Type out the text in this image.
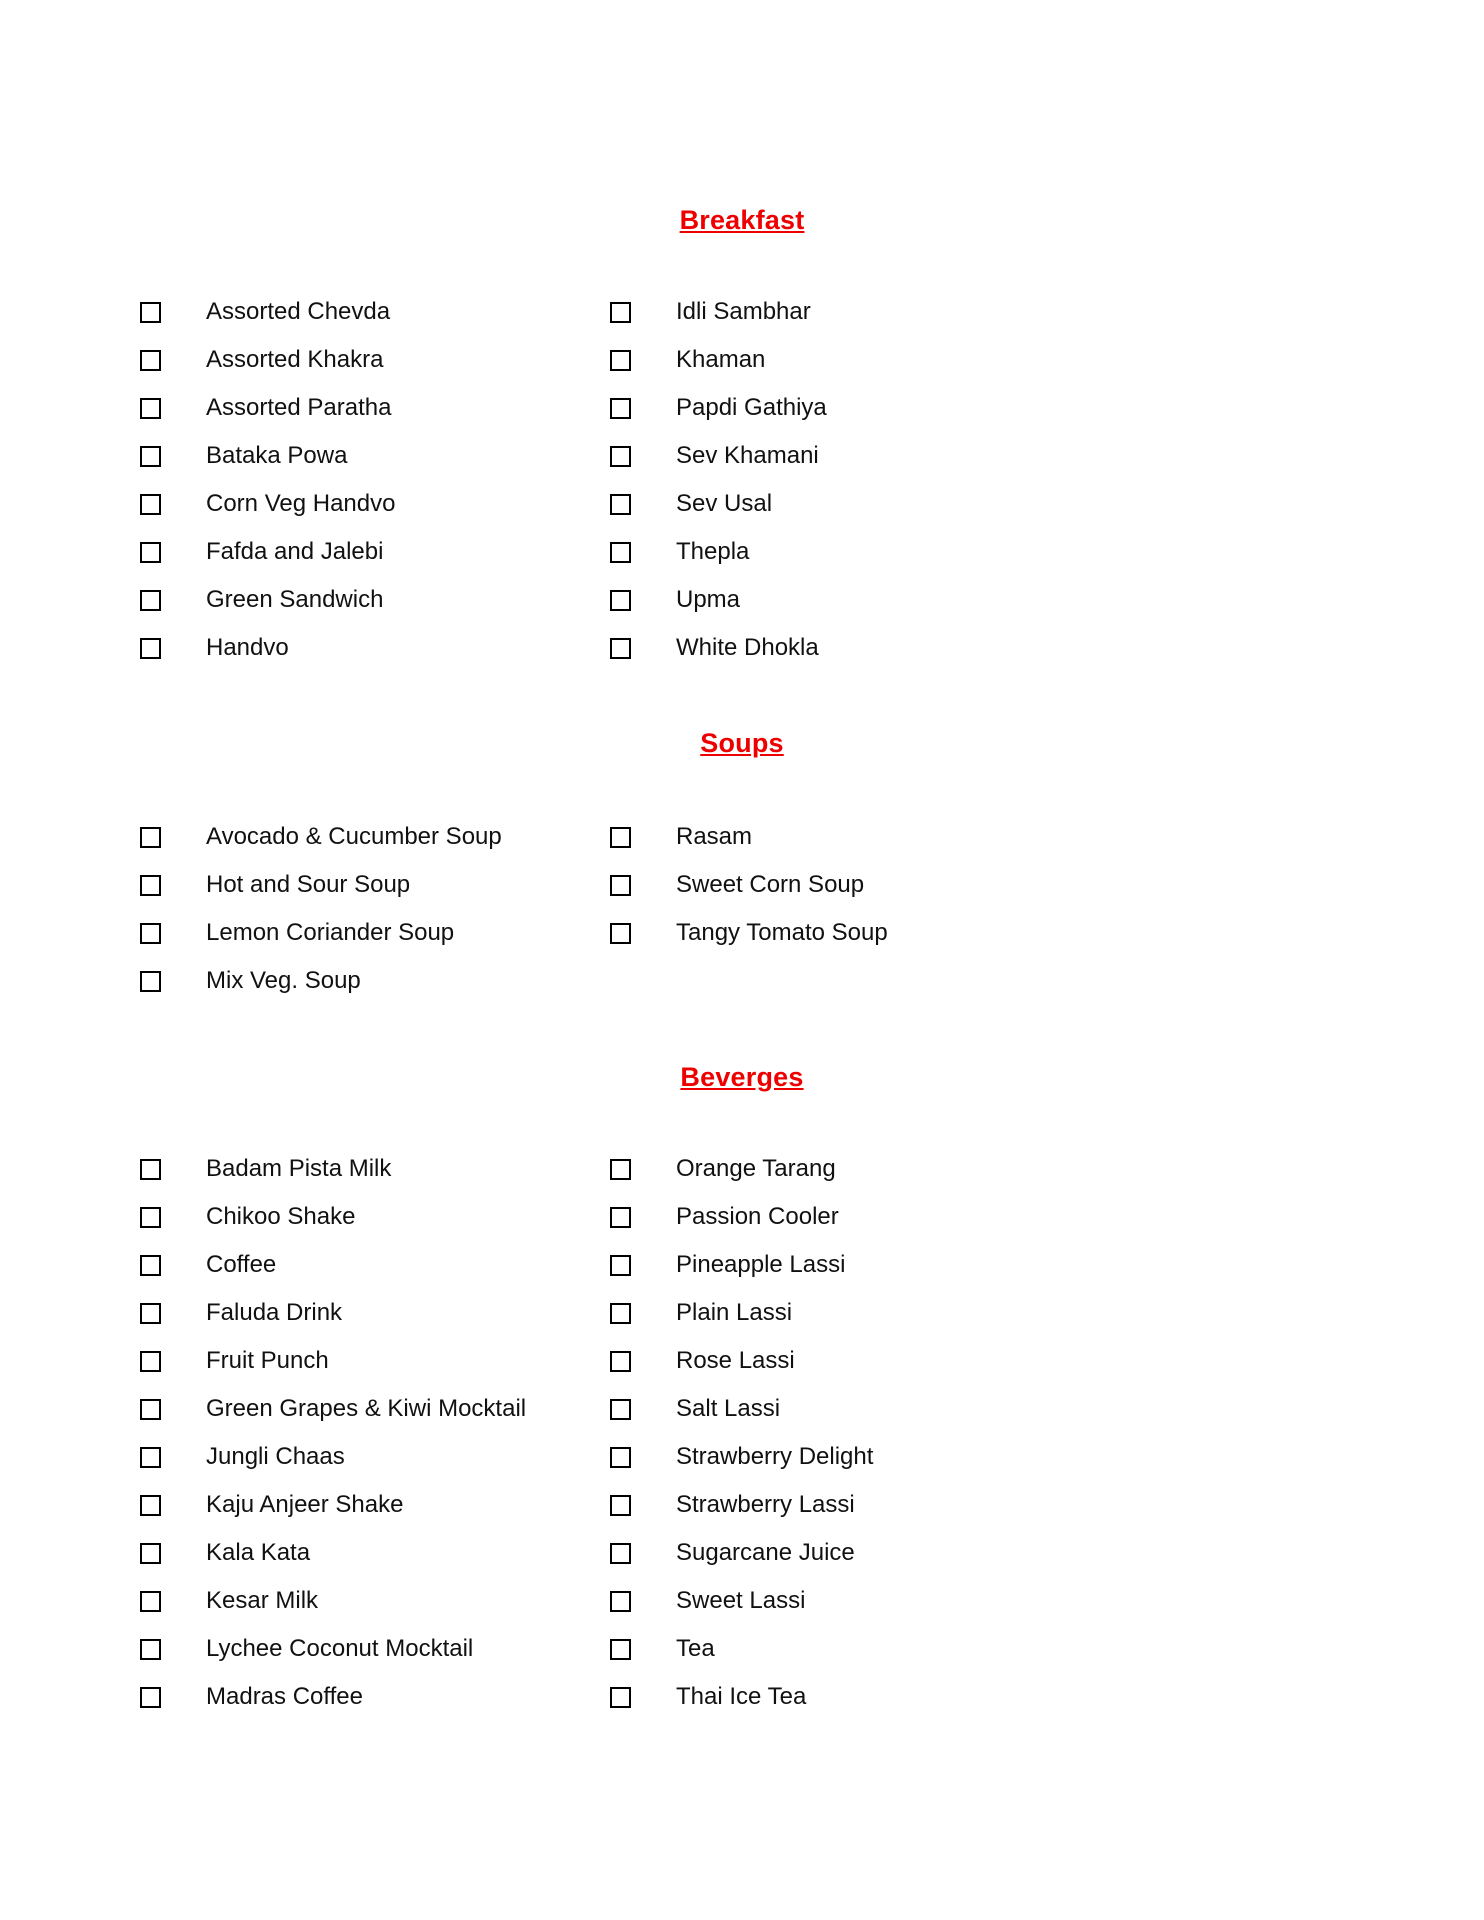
Breakfast
Assorted Chevda
Assorted Khakra
Assorted Paratha
Bataka Powa
Corn Veg Handvo
Fafda and Jalebi
Green Sandwich
Handvo
Idli Sambhar
Khaman
Papdi Gathiya
Sev Khamani
Sev Usal
Thepla
Upma
White Dhokla
Soups
Avocado & Cucumber Soup
Hot and Sour Soup
Lemon Coriander Soup
Mix Veg. Soup
Rasam
Sweet Corn Soup
Tangy Tomato Soup
Beverges
Badam Pista Milk
Chikoo Shake
Coffee
Faluda Drink
Fruit Punch
Green Grapes & Kiwi Mocktail
Jungli Chaas
Kaju Anjeer Shake
Kala Kata
Kesar Milk
Lychee Coconut Mocktail
Madras Coffee
Orange Tarang
Passion Cooler
Pineapple Lassi
Plain Lassi
Rose Lassi
Salt Lassi
Strawberry Delight
Strawberry Lassi
Sugarcane Juice
Sweet Lassi
Tea
Thai Ice Tea
